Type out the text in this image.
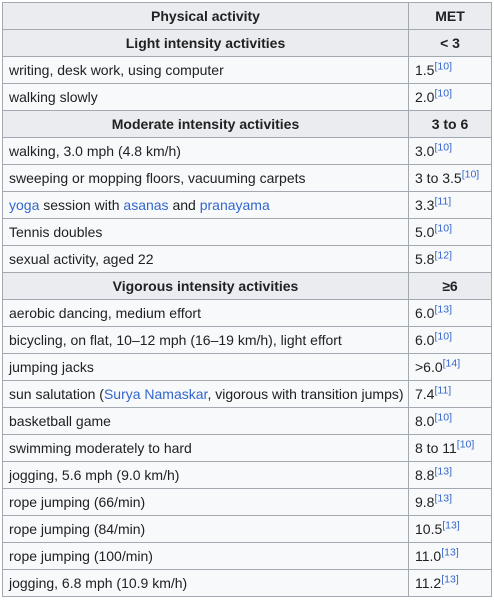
Physical activity	MET
Light intensity activities	< 3
writing, desk work, using computer	1.5[10]
walking slowly	2.0[10]
Moderate intensity activities	3 to 6
walking, 3.0 mph (4.8 km/h)	3.0[10]
sweeping or mopping floors, vacuuming carpets	3 to 3.5[10]
yoga session with asanas and pranayama	3.3[11]
Tennis doubles	5.0[10]
sexual activity, aged 22	5.8[12]
Vigorous intensity activities	≥6
aerobic dancing, medium effort	6.0[13]
bicycling, on flat, 10–12 mph (16–19 km/h), light effort	6.0[10]
jumping jacks	>6.0[14]
sun salutation (Surya Namaskar, vigorous with transition jumps)	7.4[11]
basketball game	8.0[10]
swimming moderately to hard	8 to 11[10]
jogging, 5.6 mph (9.0 km/h)	8.8[13]
rope jumping (66/min)	9.8[13]
rope jumping (84/min)	10.5[13]
rope jumping (100/min)	11.0[13]
jogging, 6.8 mph (10.9 km/h)	11.2[13]
